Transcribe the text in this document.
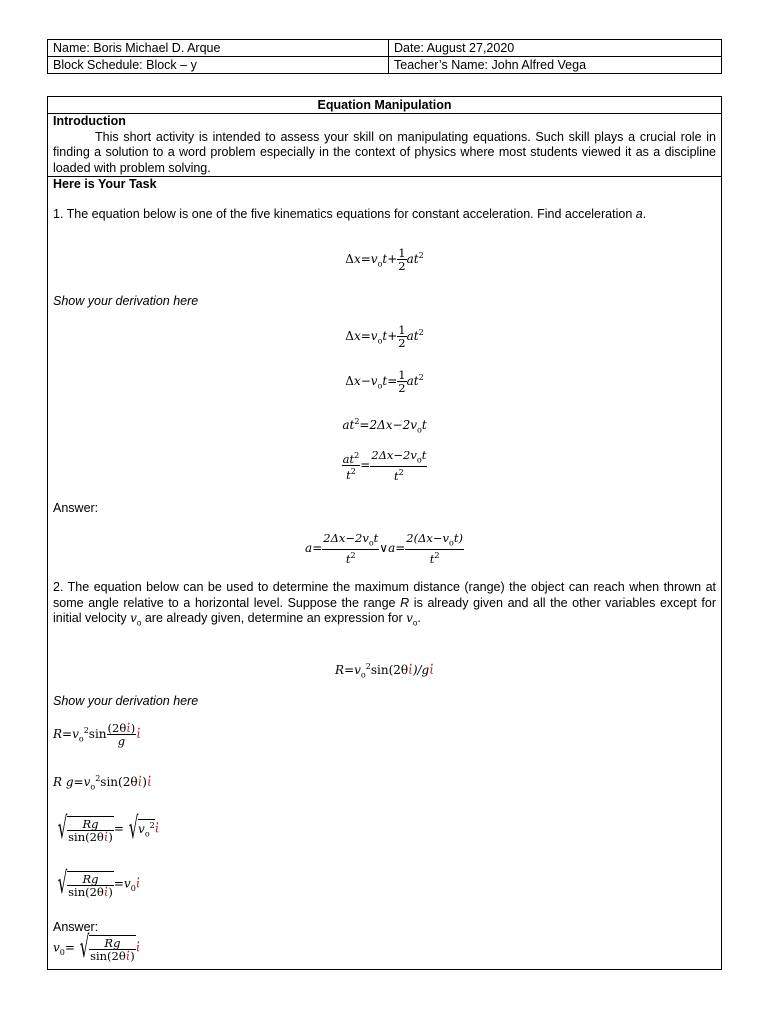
Name: Boris Michael D. Arque	Date: August 27,2020
Block Schedule: Block – y	Teacher’s Name: John Alfred Vega
Equation Manipulation
Introduction

This short activity is intended to assess your skill on manipulating equations. Such skill plays a crucial role in finding a solution to a word problem especially in the context of physics where most students viewed it as a discipline loaded with problem solving.

Here is Your Task

1. The equation below is one of the five kinematics equations for constant acceleration. Find acceleration a.

$\Delta x=v_ot+ \frac{1}{2} at^2$
Show your derivation here
$\Delta x=v_ot+ \frac{1}{2} at^2$
$\Delta x-v_ot= \frac{1}{2} at^2$
$at^2=2\Delta x-2v_ot$
$\frac{at^2}{t^2} = \frac{2\Delta x-2v_ot}{t^2}$
Answer:
$a= \frac{2\Delta x-2v_ot}{t^2}$ ∨a= $\frac{2(\Delta x-v_ot)}{t^2}$

2. The equation below can be used to determine the maximum distance (range) the object can reach when thrown at some angle relative to a horizontal level. Suppose the range R is already given and all the other variables except for initial velocity $v_o$ are already given, determine an expression for $v_o$.

$R=v_o^2\sin(2\theta ἰ)/gἰ$
Show your derivation here
$R=v_o^2\sin \frac{\text{(2θἰ)}}{g}$ ἰ
R $g=v_o^2\sin(2\theta ἰ)ἰ$
√ $\frac{Rg}{\text{sin(2θἰ)}}$ = $√v_o^2ἰ$
√ $\frac{Rg}{\text{sin(2θἰ)}}$ $=v_0ἰ$
Answer:
$v_0=$ √ $\frac{Rg}{\text{sin(2θἰ)}}$ ἰ
